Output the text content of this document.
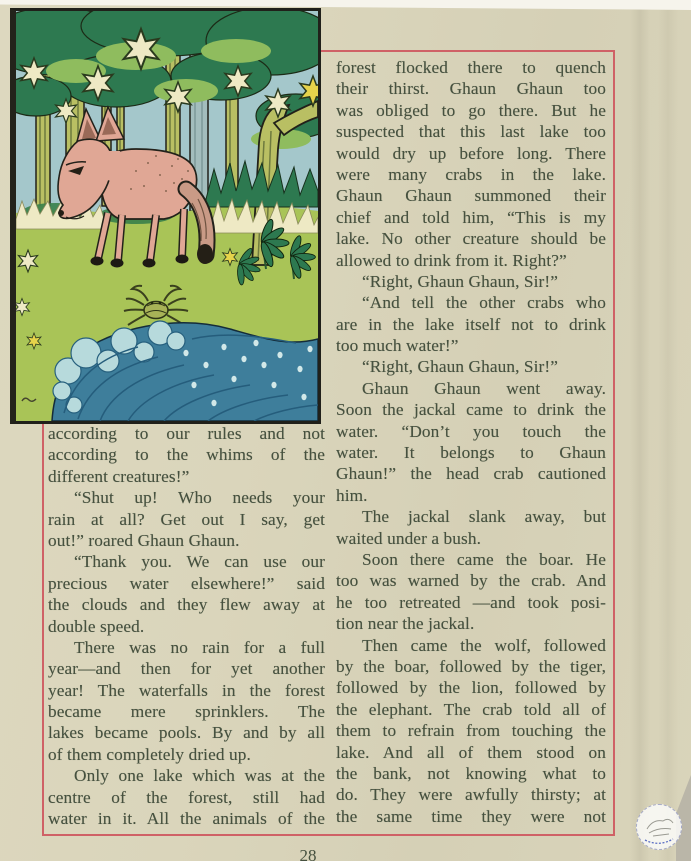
according to our rules and not
according to the whims of the
different creatures!”
“Shut up! Who needs your
rain at all? Get out I say, get
out!” roared Ghaun Ghaun.
“Thank you. We can use our
precious water elsewhere!” said
the clouds and they flew away at
double speed.
There was no rain for a full
year—and then for yet another
year! The waterfalls in the forest
became mere sprinklers. The
lakes became pools. By and by all
of them completely dried up.
Only one lake which was at the
centre of the forest, still had
water in it. All the animals of the
forest flocked there to quench
their thirst. Ghaun Ghaun too
was obliged to go there. But he
suspected that this last lake too
would dry up before long. There
were many crabs in the lake.
Ghaun Ghaun summoned their
chief and told him, “This is my
lake. No other creature should be
allowed to drink from it. Right?”
“Right, Ghaun Ghaun, Sir!”
“And tell the other crabs who
are in the lake itself not to drink
too much water!”
“Right, Ghaun Ghaun, Sir!”
Ghaun Ghaun went away.
Soon the jackal came to drink the
water. “Don’t you touch the
water. It belongs to Ghaun
Ghaun!” the head crab cautioned
him.
The jackal slank away, but
waited under a bush.
Soon there came the boar. He
too was warned by the crab. And
he too retreated —and took posi-
tion near the jackal.
Then came the wolf, followed
by the boar, followed by the tiger,
followed by the lion, followed by
the elephant. The crab told all of
them to refrain from touching the
lake. And all of them stood on
the bank, not knowing what to
do. They were awfully thirsty; at
the same time they were not
28
